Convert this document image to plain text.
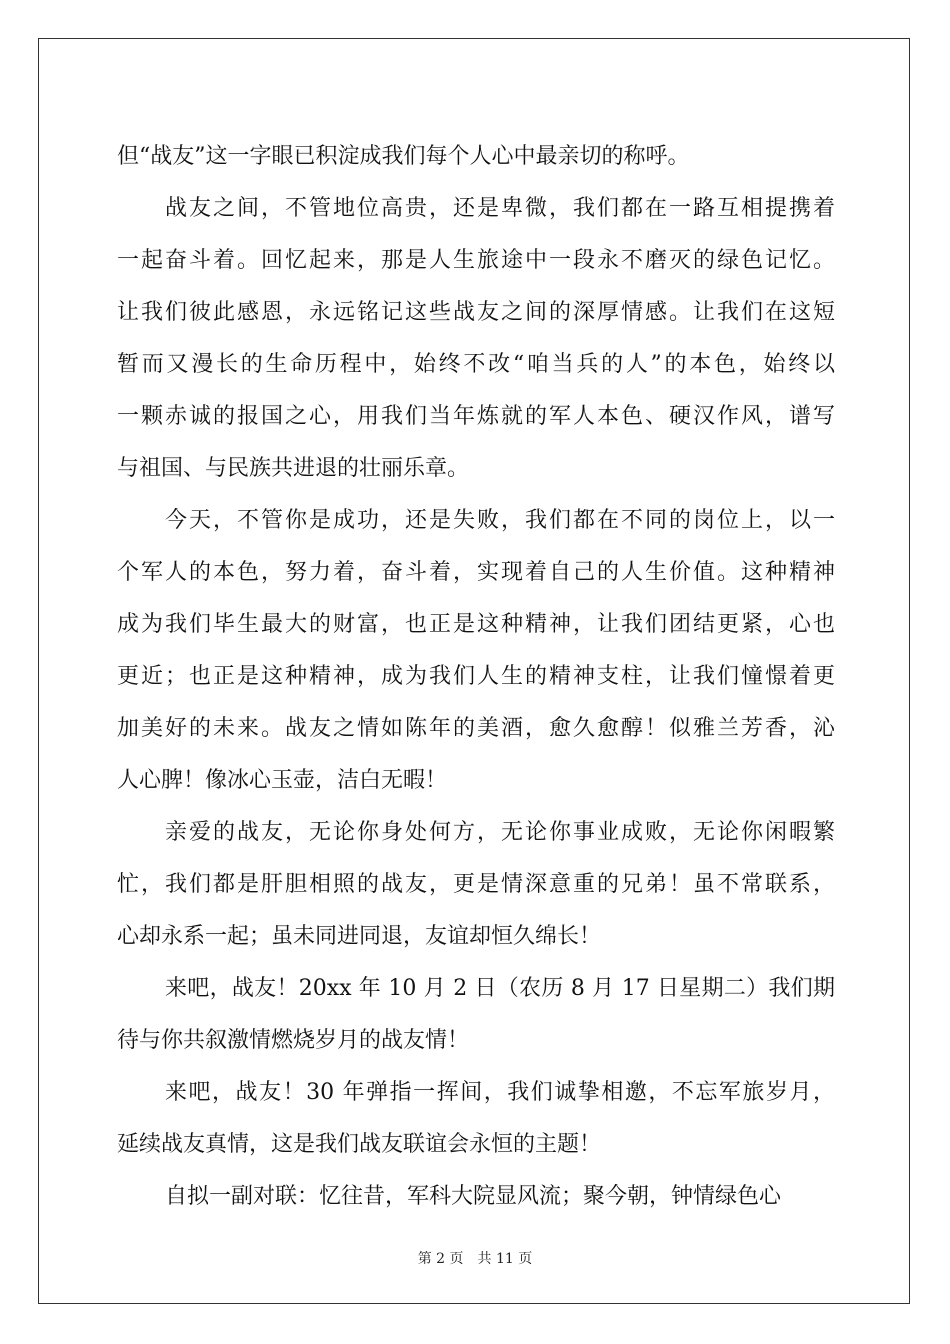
但“战友”这一字眼已积淀成我们每个人心中最亲切的称呼。
战友之间，不管地位高贵，还是卑微，我们都在一路互相提携着
一起奋斗着。回忆起来，那是人生旅途中一段永不磨灭的绿色记忆。
让我们彼此感恩，永远铭记这些战友之间的深厚情感。让我们在这短
暂而又漫长的生命历程中，始终不改“咱当兵的人”的本色，始终以
一颗赤诚的报国之心，用我们当年炼就的军人本色、硬汉作风，谱写
与祖国、与民族共进退的壮丽乐章。
今天，不管你是成功，还是失败，我们都在不同的岗位上，以一
个军人的本色，努力着，奋斗着，实现着自己的人生价值。这种精神
成为我们毕生最大的财富，也正是这种精神，让我们团结更紧，心也
更近；也正是这种精神，成为我们人生的精神支柱，让我们憧憬着更
加美好的未来。战友之情如陈年的美酒，愈久愈醇！似雅兰芳香，沁
人心脾！像冰心玉壶，洁白无暇！
亲爱的战友，无论你身处何方，无论你事业成败，无论你闲暇繁
忙，我们都是肝胆相照的战友，更是情深意重的兄弟！虽不常联系，
心却永系一起；虽未同进同退，友谊却恒久绵长！
来吧，战友！20xx 年 10 月 2 日（农历 8 月 17 日星期二）我们期
待与你共叙激情燃烧岁月的战友情！
来吧，战友！30 年弹指一挥间，我们诚挚相邀，不忘军旅岁月，
延续战友真情，这是我们战友联谊会永恒的主题！
自拟一副对联：忆往昔，军科大院显风流；聚今朝，钟情绿色心
第 2 页　共 11 页
